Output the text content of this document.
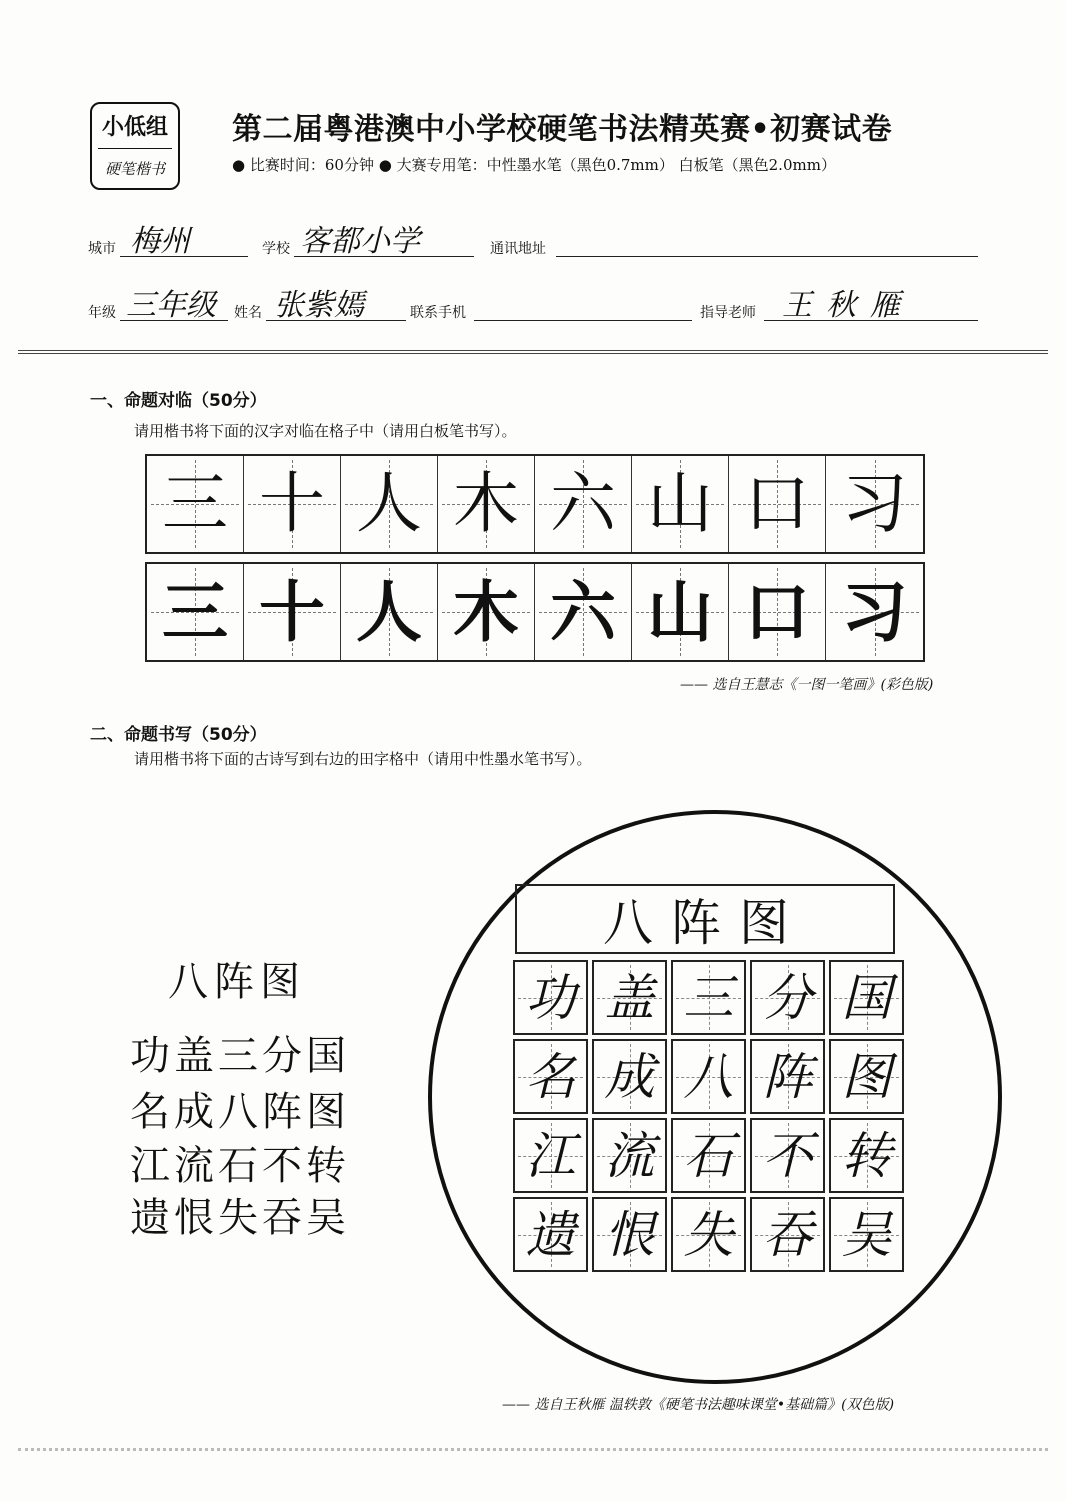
小低组
硬笔楷书
第二届粤港澳中小学校硬笔书法精英赛•初赛试卷
● 比赛时间：60分钟 ● 大赛专用笔：中性墨水笔（黑色0.7mm） 白板笔（黑色2.0mm）
城市 梅州	学校 客都小学	通讯地址
年级 三年级 姓名 张紫嫣	联系手机	指导老师 王秋雁
一、命题对临（50分）
请用楷书将下面的汉字对临在格子中（请用白板笔书写）。
三 十 人 木 六 山 口 习
三 十 人 木 六 山 口 习
—— 选自王慧志《一图一笔画》(彩色版)
二、命题书写（50分）
请用楷书将下面的古诗写到右边的田字格中（请用中性墨水笔书写）。
八阵图
功盖三分国
名成八阵图
江流石不转
遗恨失吞吴
八阵图
功 盖 三 分 国
名 成 八 阵 图
江 流 石 不 转
遗 恨 失 吞 吴
—— 选自王秋雁 温轶敦《硬笔书法趣味课堂•基础篇》(双色版)
